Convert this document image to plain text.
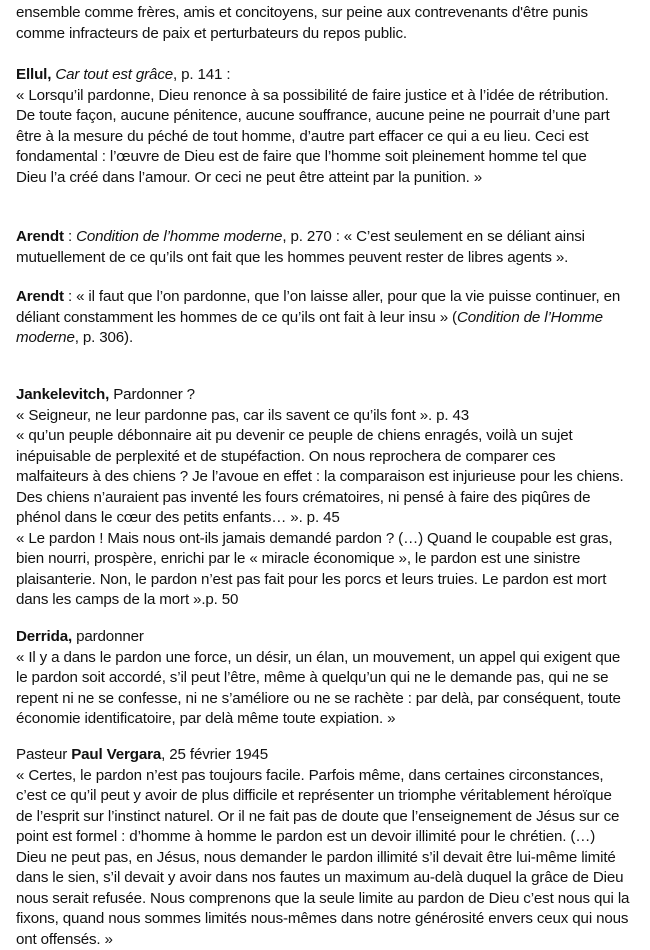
ensemble comme frères, amis et concitoyens, sur peine aux contrevenants d'être punis
comme infracteurs de paix et perturbateurs du repos public.
Ellul, Car tout est grâce, p. 141 :
« Lorsqu’il pardonne, Dieu renonce à sa possibilité de faire justice et à l’idée de rétribution.
De toute façon, aucune pénitence, aucune souffrance, aucune peine ne pourrait d’une part
être à la mesure du péché de tout homme, d’autre part effacer ce qui a eu lieu. Ceci est
fondamental : l’œuvre de Dieu est de faire que l’homme soit pleinement homme tel que
Dieu l’a créé dans l’amour. Or ceci ne peut être atteint par la punition. »
Arendt : Condition de l’homme moderne, p. 270 : « C’est seulement en se déliant ainsi
mutuellement de ce qu’ils ont fait que les hommes peuvent rester de libres agents ».
Arendt : « il faut que l’on pardonne, que l’on laisse aller, pour que la vie puisse continuer, en
déliant constamment les hommes de ce qu’ils ont fait à leur insu » (Condition de l’Homme
moderne, p. 306).
Jankelevitch, Pardonner ?
« Seigneur, ne leur pardonne pas, car ils savent ce qu’ils font ». p. 43
« qu’un peuple débonnaire ait pu devenir ce peuple de chiens enragés, voilà un sujet
inépuisable de perplexité et de stupéfaction. On nous reprochera de comparer ces
malfaiteurs à des chiens ? Je l’avoue en effet : la comparaison est injurieuse pour les chiens.
Des chiens n’auraient pas inventé les fours crématoires, ni pensé à faire des piqûres de
phénol dans le cœur des petits enfants… ». p. 45
« Le pardon ! Mais nous ont-ils jamais demandé pardon ? (…) Quand le coupable est gras,
bien nourri, prospère, enrichi par le « miracle économique », le pardon est une sinistre
plaisanterie. Non, le pardon n’est pas fait pour les porcs et leurs truies. Le pardon est mort
dans les camps de la mort ».p. 50
Derrida, pardonner
« Il y a dans le pardon une force, un désir, un élan, un mouvement, un appel qui exigent que
le pardon soit accordé, s’il peut l’être, même à quelqu’un qui ne le demande pas, qui ne se
repent ni ne se confesse, ni ne s’améliore ou ne se rachète : par delà, par conséquent, toute
économie identificatoire, par delà même toute expiation. »
Pasteur Paul Vergara, 25 février 1945
« Certes, le pardon n’est pas toujours facile. Parfois même, dans certaines circonstances,
c’est ce qu’il peut y avoir de plus difficile et représenter un triomphe véritablement héroïque
de l’esprit sur l’instinct naturel. Or il ne fait pas de doute que l’enseignement de Jésus sur ce
point est formel : d’homme à homme le pardon est un devoir illimité pour le chrétien. (…)
Dieu ne peut pas, en Jésus, nous demander le pardon illimité s’il devait être lui-même limité
dans le sien, s’il devait y avoir dans nos fautes un maximum au-delà duquel la grâce de Dieu
nous serait refusée. Nous comprenons que la seule limite au pardon de Dieu c’est nous qui la
fixons, quand nous sommes limités nous-mêmes dans notre générosité envers ceux qui nous
ont offensés. »
